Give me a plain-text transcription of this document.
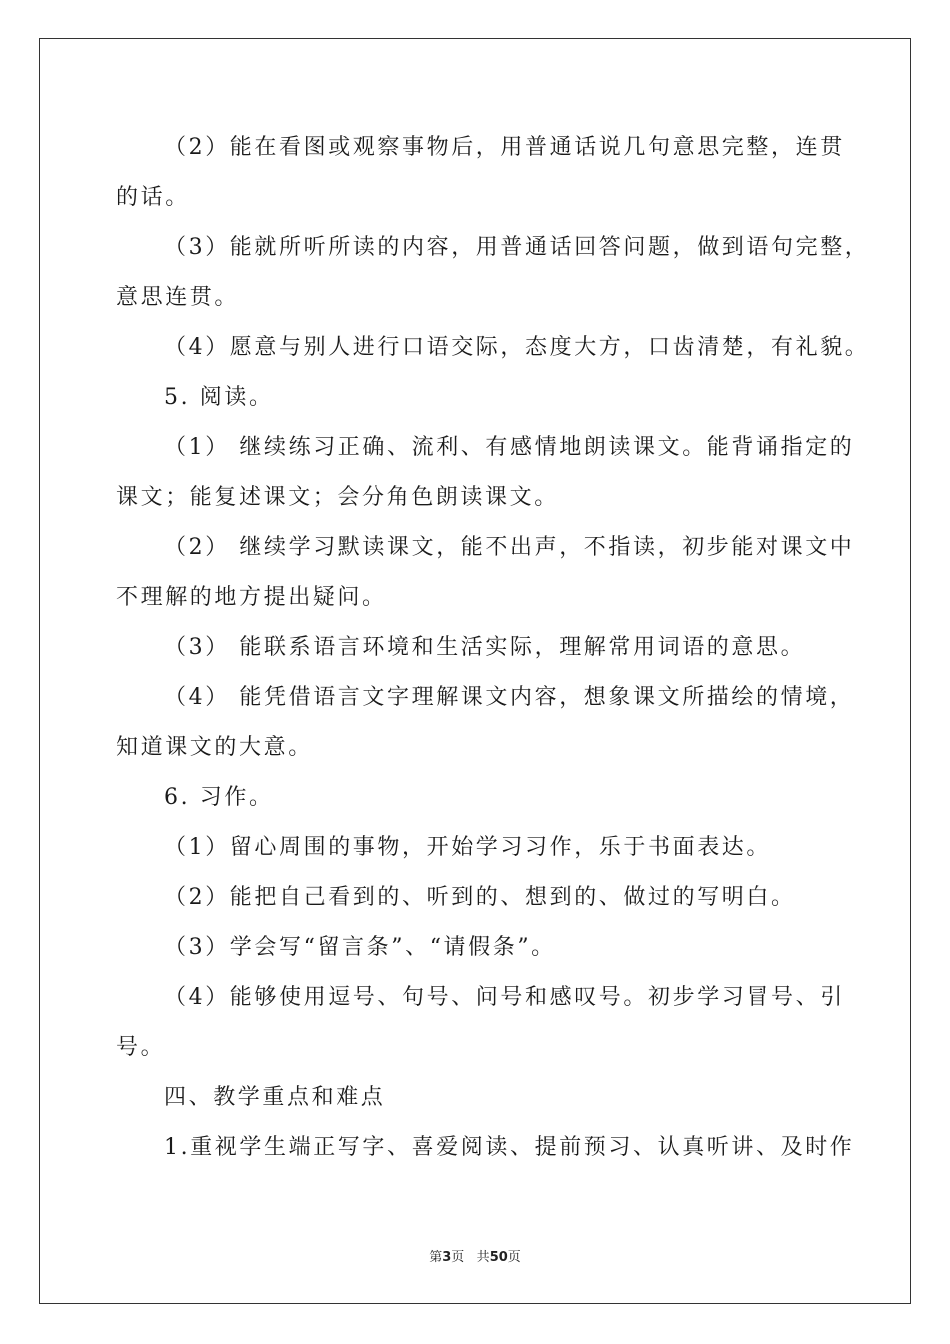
（2）能在看图或观察事物后，用普通话说几句意思完整，连贯
的话。
（3）能就所听所读的内容，用普通话回答问题，做到语句完整，
意思连贯。
（4）愿意与别人进行口语交际，态度大方，口齿清楚，有礼貌。
5. 阅读。
（1） 继续练习正确、流利、有感情地朗读课文。能背诵指定的
课文；能复述课文；会分角色朗读课文。
（2） 继续学习默读课文，能不出声，不指读，初步能对课文中
不理解的地方提出疑问。
（3） 能联系语言环境和生活实际，理解常用词语的意思。
（4） 能凭借语言文字理解课文内容，想象课文所描绘的情境，
知道课文的大意。
6. 习作。
（1）留心周围的事物，开始学习习作，乐于书面表达。
（2）能把自己看到的、听到的、想到的、做过的写明白。
（3）学会写“留言条”、“请假条”。
（4）能够使用逗号、句号、问号和感叹号。初步学习冒号、引
号。
四、教学重点和难点
1.重视学生端正写字、喜爱阅读、提前预习、认真听讲、及时作
第3页 共50页
